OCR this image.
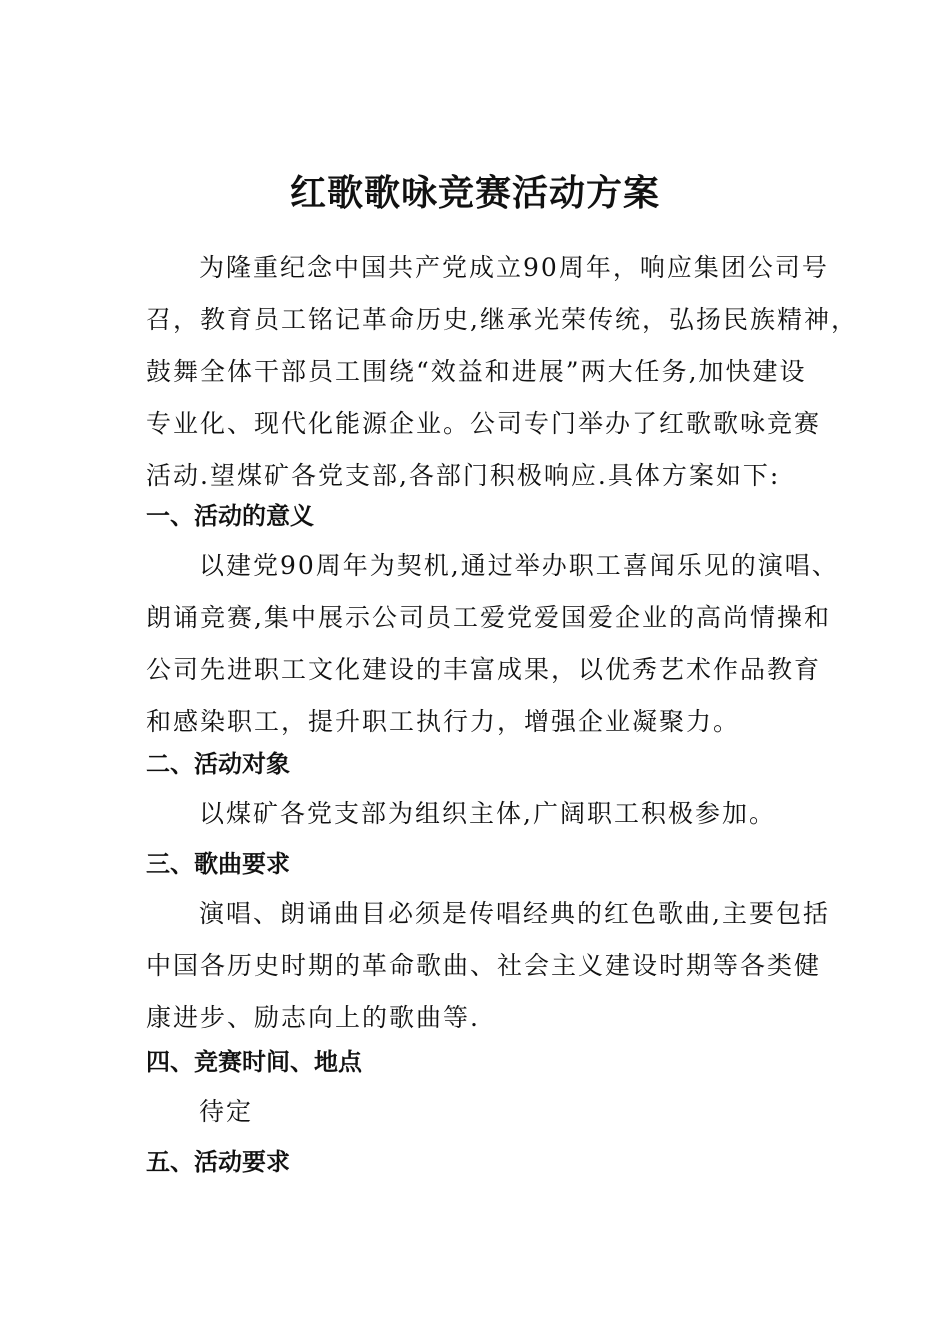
红歌歌咏竞赛活动方案
为隆重纪念中国共产党成立90周年，响应集团公司号
召，教育员工铭记革命历史,继承光荣传统，弘扬民族精神，
鼓舞全体干部员工围绕“效益和进展”两大任务,加快建设
专业化、现代化能源企业。公司专门举办了红歌歌咏竞赛
活动.望煤矿各党支部,各部门积极响应.具体方案如下:
一、活动的意义
以建党90周年为契机,通过举办职工喜闻乐见的演唱、
朗诵竞赛,集中展示公司员工爱党爱国爱企业的高尚情操和
公司先进职工文化建设的丰富成果，以优秀艺术作品教育
和感染职工，提升职工执行力，增强企业凝聚力。
二、活动对象
以煤矿各党支部为组织主体,广阔职工积极参加。
三、歌曲要求
演唱、朗诵曲目必须是传唱经典的红色歌曲,主要包括
中国各历史时期的革命歌曲、社会主义建设时期等各类健
康进步、励志向上的歌曲等.
四、竞赛时间、地点
待定
五、活动要求
